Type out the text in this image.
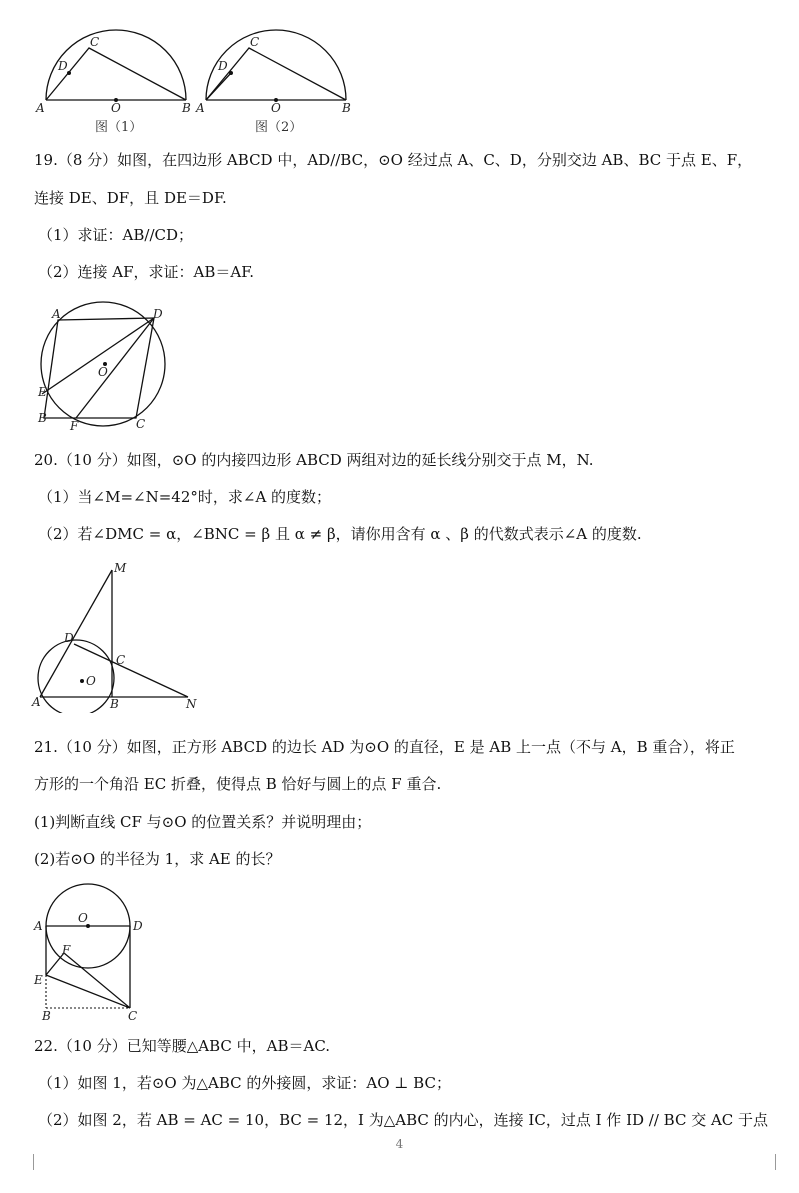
A	B
C
D
O	A	B
C
D
O
图（1）	图（2）
19.（8 分）如图，在四边形 ABCD 中，AD//BC，⊙O 经过点 A、C、D，分别交边 AB、BC 于点 E、F，
连接 DE、DF，且 DE＝DF.
（1）求证：AB//CD；
（2）连接 AF，求证：AB＝AF.
A
B	C
D
E
F
O
20.（10 分）如图，⊙O 的内接四边形 ABCD 两组对边的延长线分别交于点 M，N.
（1）当∠M=∠N=42°时，求∠A 的度数；
（2）若∠DMC = α，∠BNC = β 且 α ≠ β，请你用含有 α 、β 的代数式表示∠A 的度数.
A	B
C
D
M
N
O
21.（10 分）如图，正方形 ABCD 的边长 AD 为⊙O 的直径，E 是 AB 上一点（不与 A，B 重合），将正
方形的一个角沿 EC 折叠，使得点 B 恰好与圆上的点 F 重合.
(1)判断直线 CF 与⊙O 的位置关系？并说明理由；
(2)若⊙O 的半径为 1，求 AE 的长？
A
B	C
D
E
F
O
22.（10 分）已知等腰△ABC 中，AB＝AC.
（1）如图 1，若⊙O 为△ABC 的外接圆，求证：AO ⊥ BC；
（2）如图 2，若 AB = AC = 10，BC = 12，I 为△ABC 的内心，连接 IC，过点 I 作 ID // BC 交 AC 于点
4
